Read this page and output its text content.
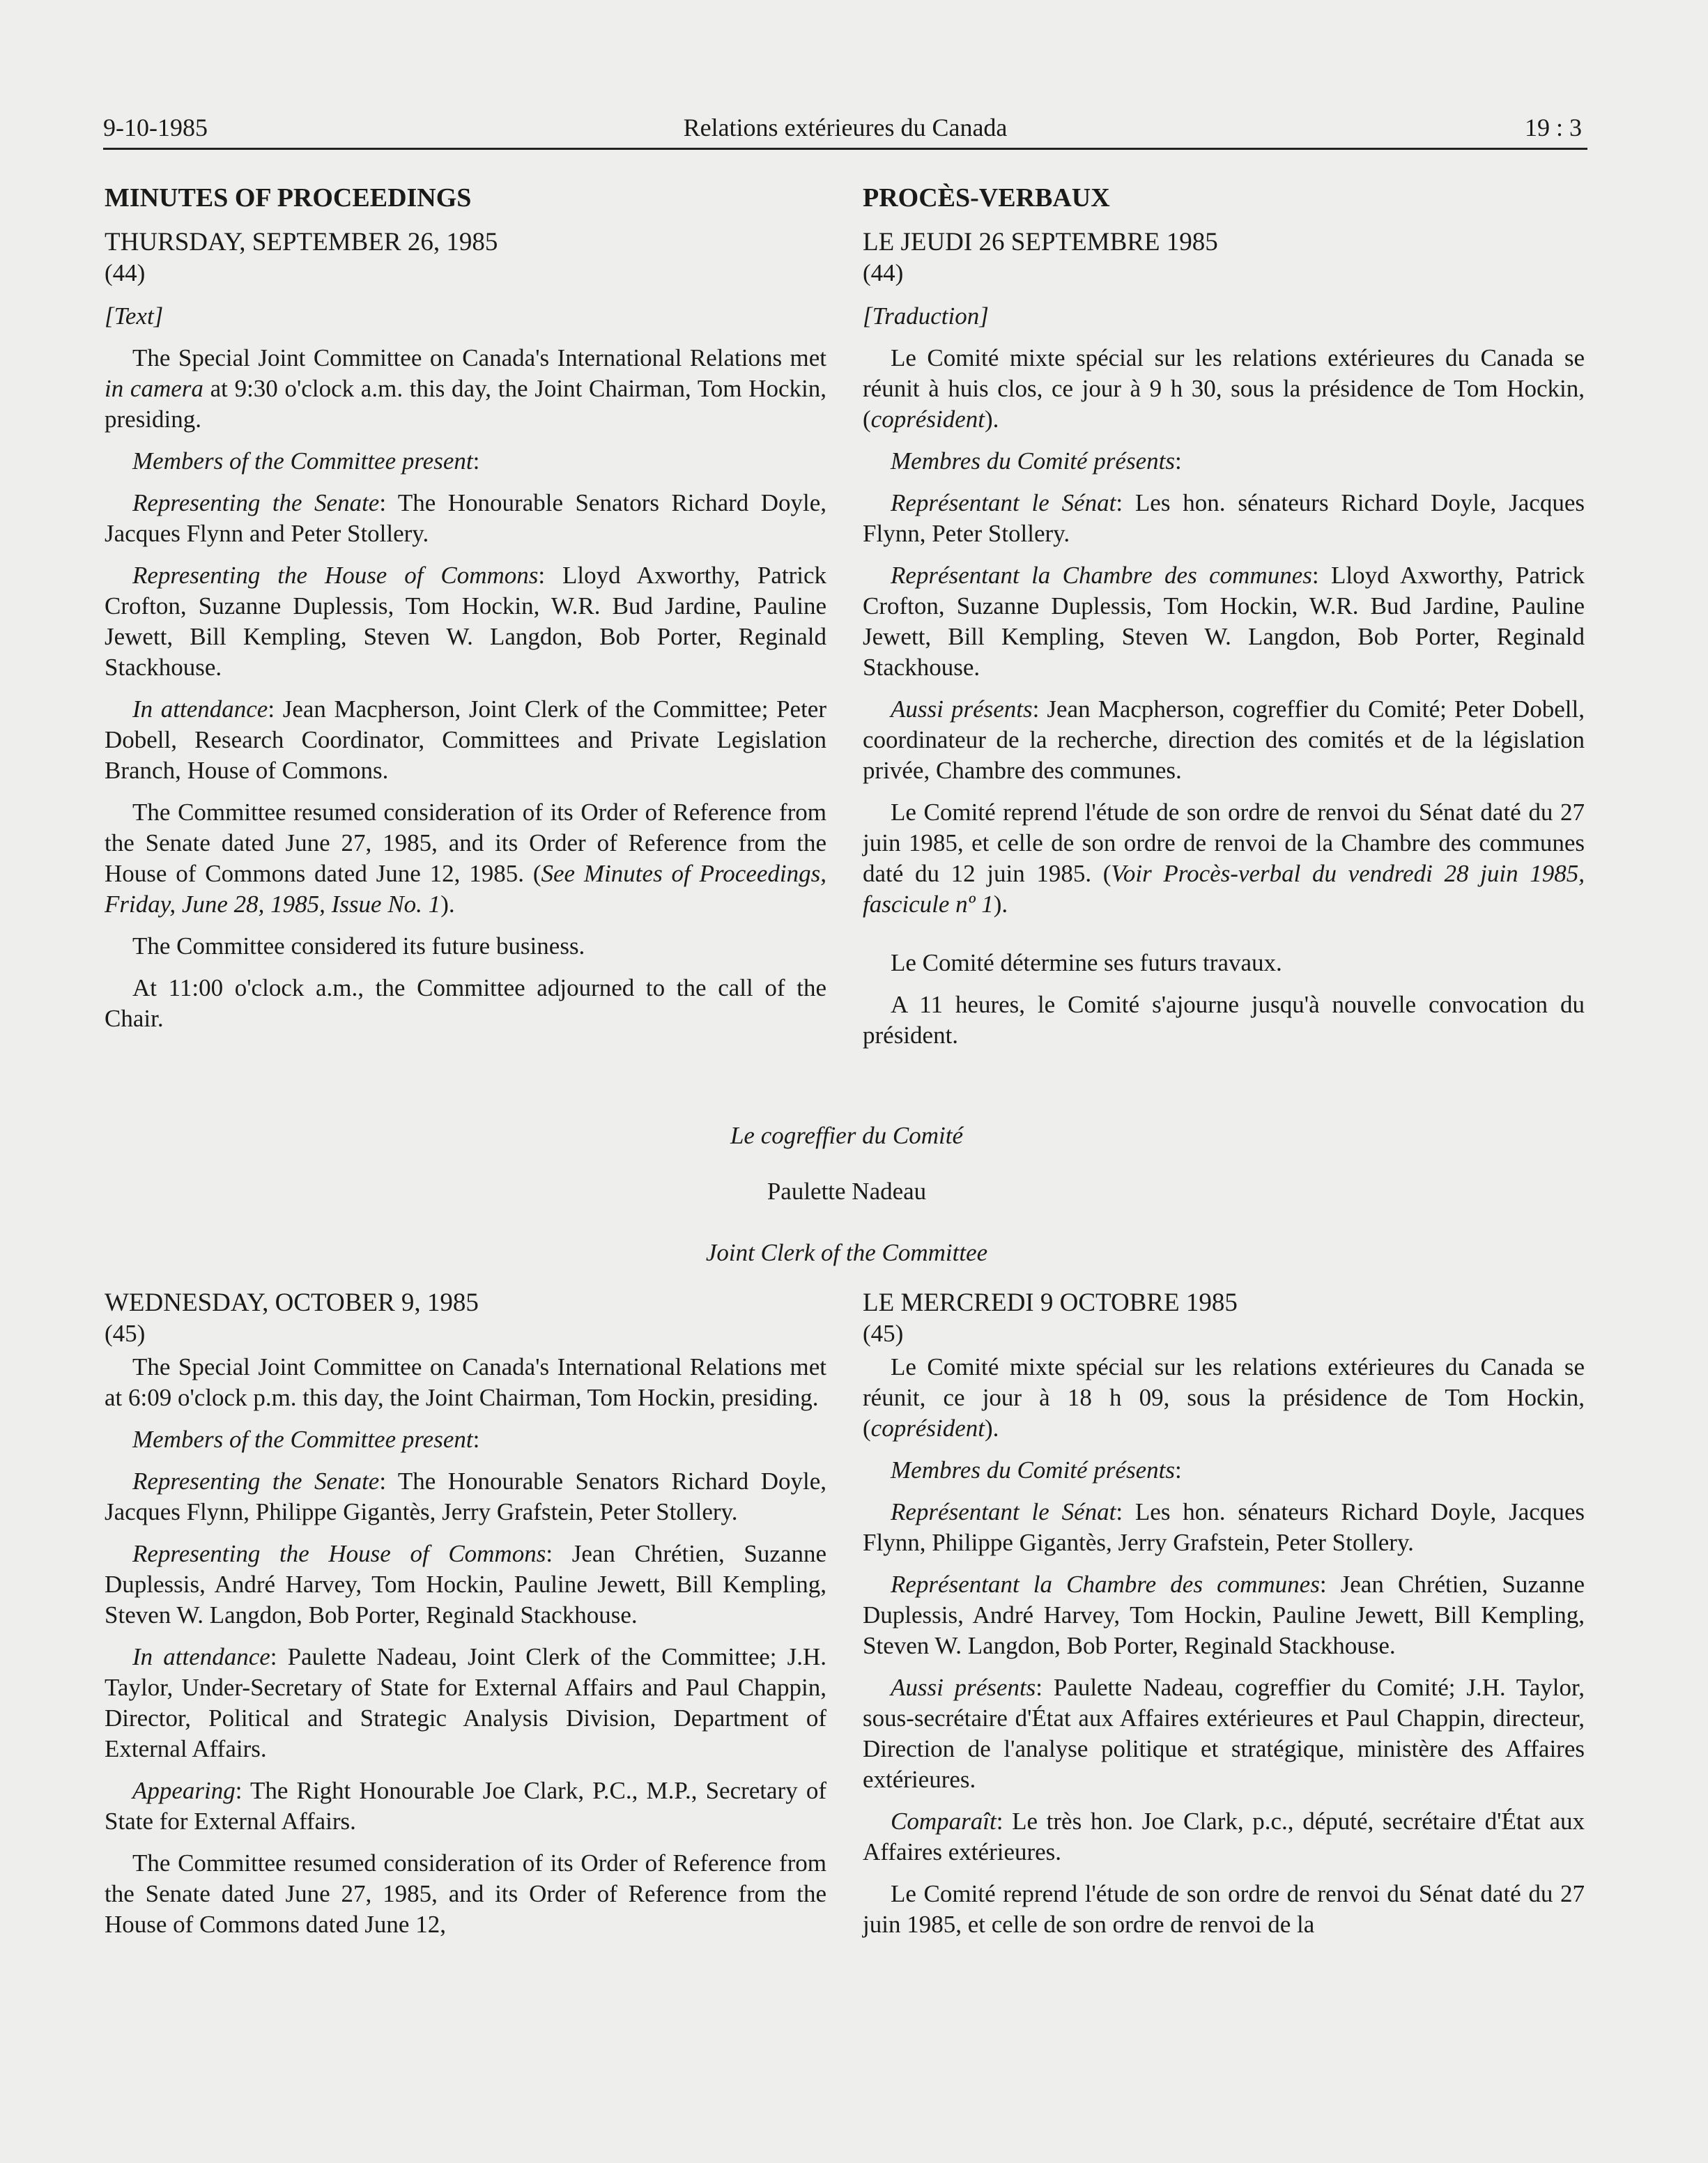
9-10-1985	Relations extérieures du Canada	19 : 3
MINUTES OF PROCEEDINGS
THURSDAY, SEPTEMBER 26, 1985
(44)
[Text]

The Special Joint Committee on Canada's International Relations met in camera at 9:30 o'clock a.m. this day, the Joint Chairman, Tom Hockin, presiding.

Members of the Committee present:

Representing the Senate: The Honourable Senators Richard Doyle, Jacques Flynn and Peter Stollery.

Representing the House of Commons: Lloyd Axworthy, Patrick Crofton, Suzanne Duplessis, Tom Hockin, W.R. Bud Jardine, Pauline Jewett, Bill Kempling, Steven W. Langdon, Bob Porter, Reginald Stackhouse.

In attendance: Jean Macpherson, Joint Clerk of the Committee; Peter Dobell, Research Coordinator, Committees and Private Legislation Branch, House of Commons.

The Committee resumed consideration of its Order of Reference from the Senate dated June 27, 1985, and its Order of Reference from the House of Commons dated June 12, 1985. (See Minutes of Proceedings, Friday, June 28, 1985, Issue No. 1).

The Committee considered its future business.

At 11:00 o'clock a.m., the Committee adjourned to the call of the Chair.

PROCÈS-VERBAUX
LE JEUDI 26 SEPTEMBRE 1985
(44)
[Traduction]

Le Comité mixte spécial sur les relations extérieures du Canada se réunit à huis clos, ce jour à 9 h 30, sous la présidence de Tom Hockin, (coprésident).

Membres du Comité présents:

Représentant le Sénat: Les hon. sénateurs Richard Doyle, Jacques Flynn, Peter Stollery.

Représentant la Chambre des communes: Lloyd Axworthy, Patrick Crofton, Suzanne Duplessis, Tom Hockin, W.R. Bud Jardine, Pauline Jewett, Bill Kempling, Steven W. Langdon, Bob Porter, Reginald Stackhouse.

Aussi présents: Jean Macpherson, cogreffier du Comité; Peter Dobell, coordinateur de la recherche, direction des comités et de la législation privée, Chambre des communes.

Le Comité reprend l'étude de son ordre de renvoi du Sénat daté du 27 juin 1985, et celle de son ordre de renvoi de la Chambre des communes daté du 12 juin 1985. (Voir Procès-verbal du vendredi 28 juin 1985, fascicule nº 1).

Le Comité détermine ses futurs travaux.

A 11 heures, le Comité s'ajourne jusqu'à nouvelle convocation du président.

Le cogreffier du Comité
Paulette Nadeau
Joint Clerk of the Committee
WEDNESDAY, OCTOBER 9, 1985
(45)

The Special Joint Committee on Canada's International Relations met at 6:09 o'clock p.m. this day, the Joint Chairman, Tom Hockin, presiding.

Members of the Committee present:

Representing the Senate: The Honourable Senators Richard Doyle, Jacques Flynn, Philippe Gigantès, Jerry Grafstein, Peter Stollery.

Representing the House of Commons: Jean Chrétien, Suzanne Duplessis, André Harvey, Tom Hockin, Pauline Jewett, Bill Kempling, Steven W. Langdon, Bob Porter, Reginald Stackhouse.

In attendance: Paulette Nadeau, Joint Clerk of the Committee; J.H. Taylor, Under-Secretary of State for External Affairs and Paul Chappin, Director, Political and Strategic Analysis Division, Department of External Affairs.

Appearing: The Right Honourable Joe Clark, P.C., M.P., Secretary of State for External Affairs.

The Committee resumed consideration of its Order of Reference from the Senate dated June 27, 1985, and its Order of Reference from the House of Commons dated June 12,

LE MERCREDI 9 OCTOBRE 1985
(45)

Le Comité mixte spécial sur les relations extérieures du Canada se réunit, ce jour à 18 h 09, sous la présidence de Tom Hockin, (coprésident).

Membres du Comité présents:

Représentant le Sénat: Les hon. sénateurs Richard Doyle, Jacques Flynn, Philippe Gigantès, Jerry Grafstein, Peter Stollery.

Représentant la Chambre des communes: Jean Chrétien, Suzanne Duplessis, André Harvey, Tom Hockin, Pauline Jewett, Bill Kempling, Steven W. Langdon, Bob Porter, Reginald Stackhouse.

Aussi présents: Paulette Nadeau, cogreffier du Comité; J.H. Taylor, sous-secrétaire d'État aux Affaires extérieures et Paul Chappin, directeur, Direction de l'analyse politique et stratégique, ministère des Affaires extérieures.

Comparaît: Le très hon. Joe Clark, p.c., député, secrétaire d'État aux Affaires extérieures.

Le Comité reprend l'étude de son ordre de renvoi du Sénat daté du 27 juin 1985, et celle de son ordre de renvoi de la
